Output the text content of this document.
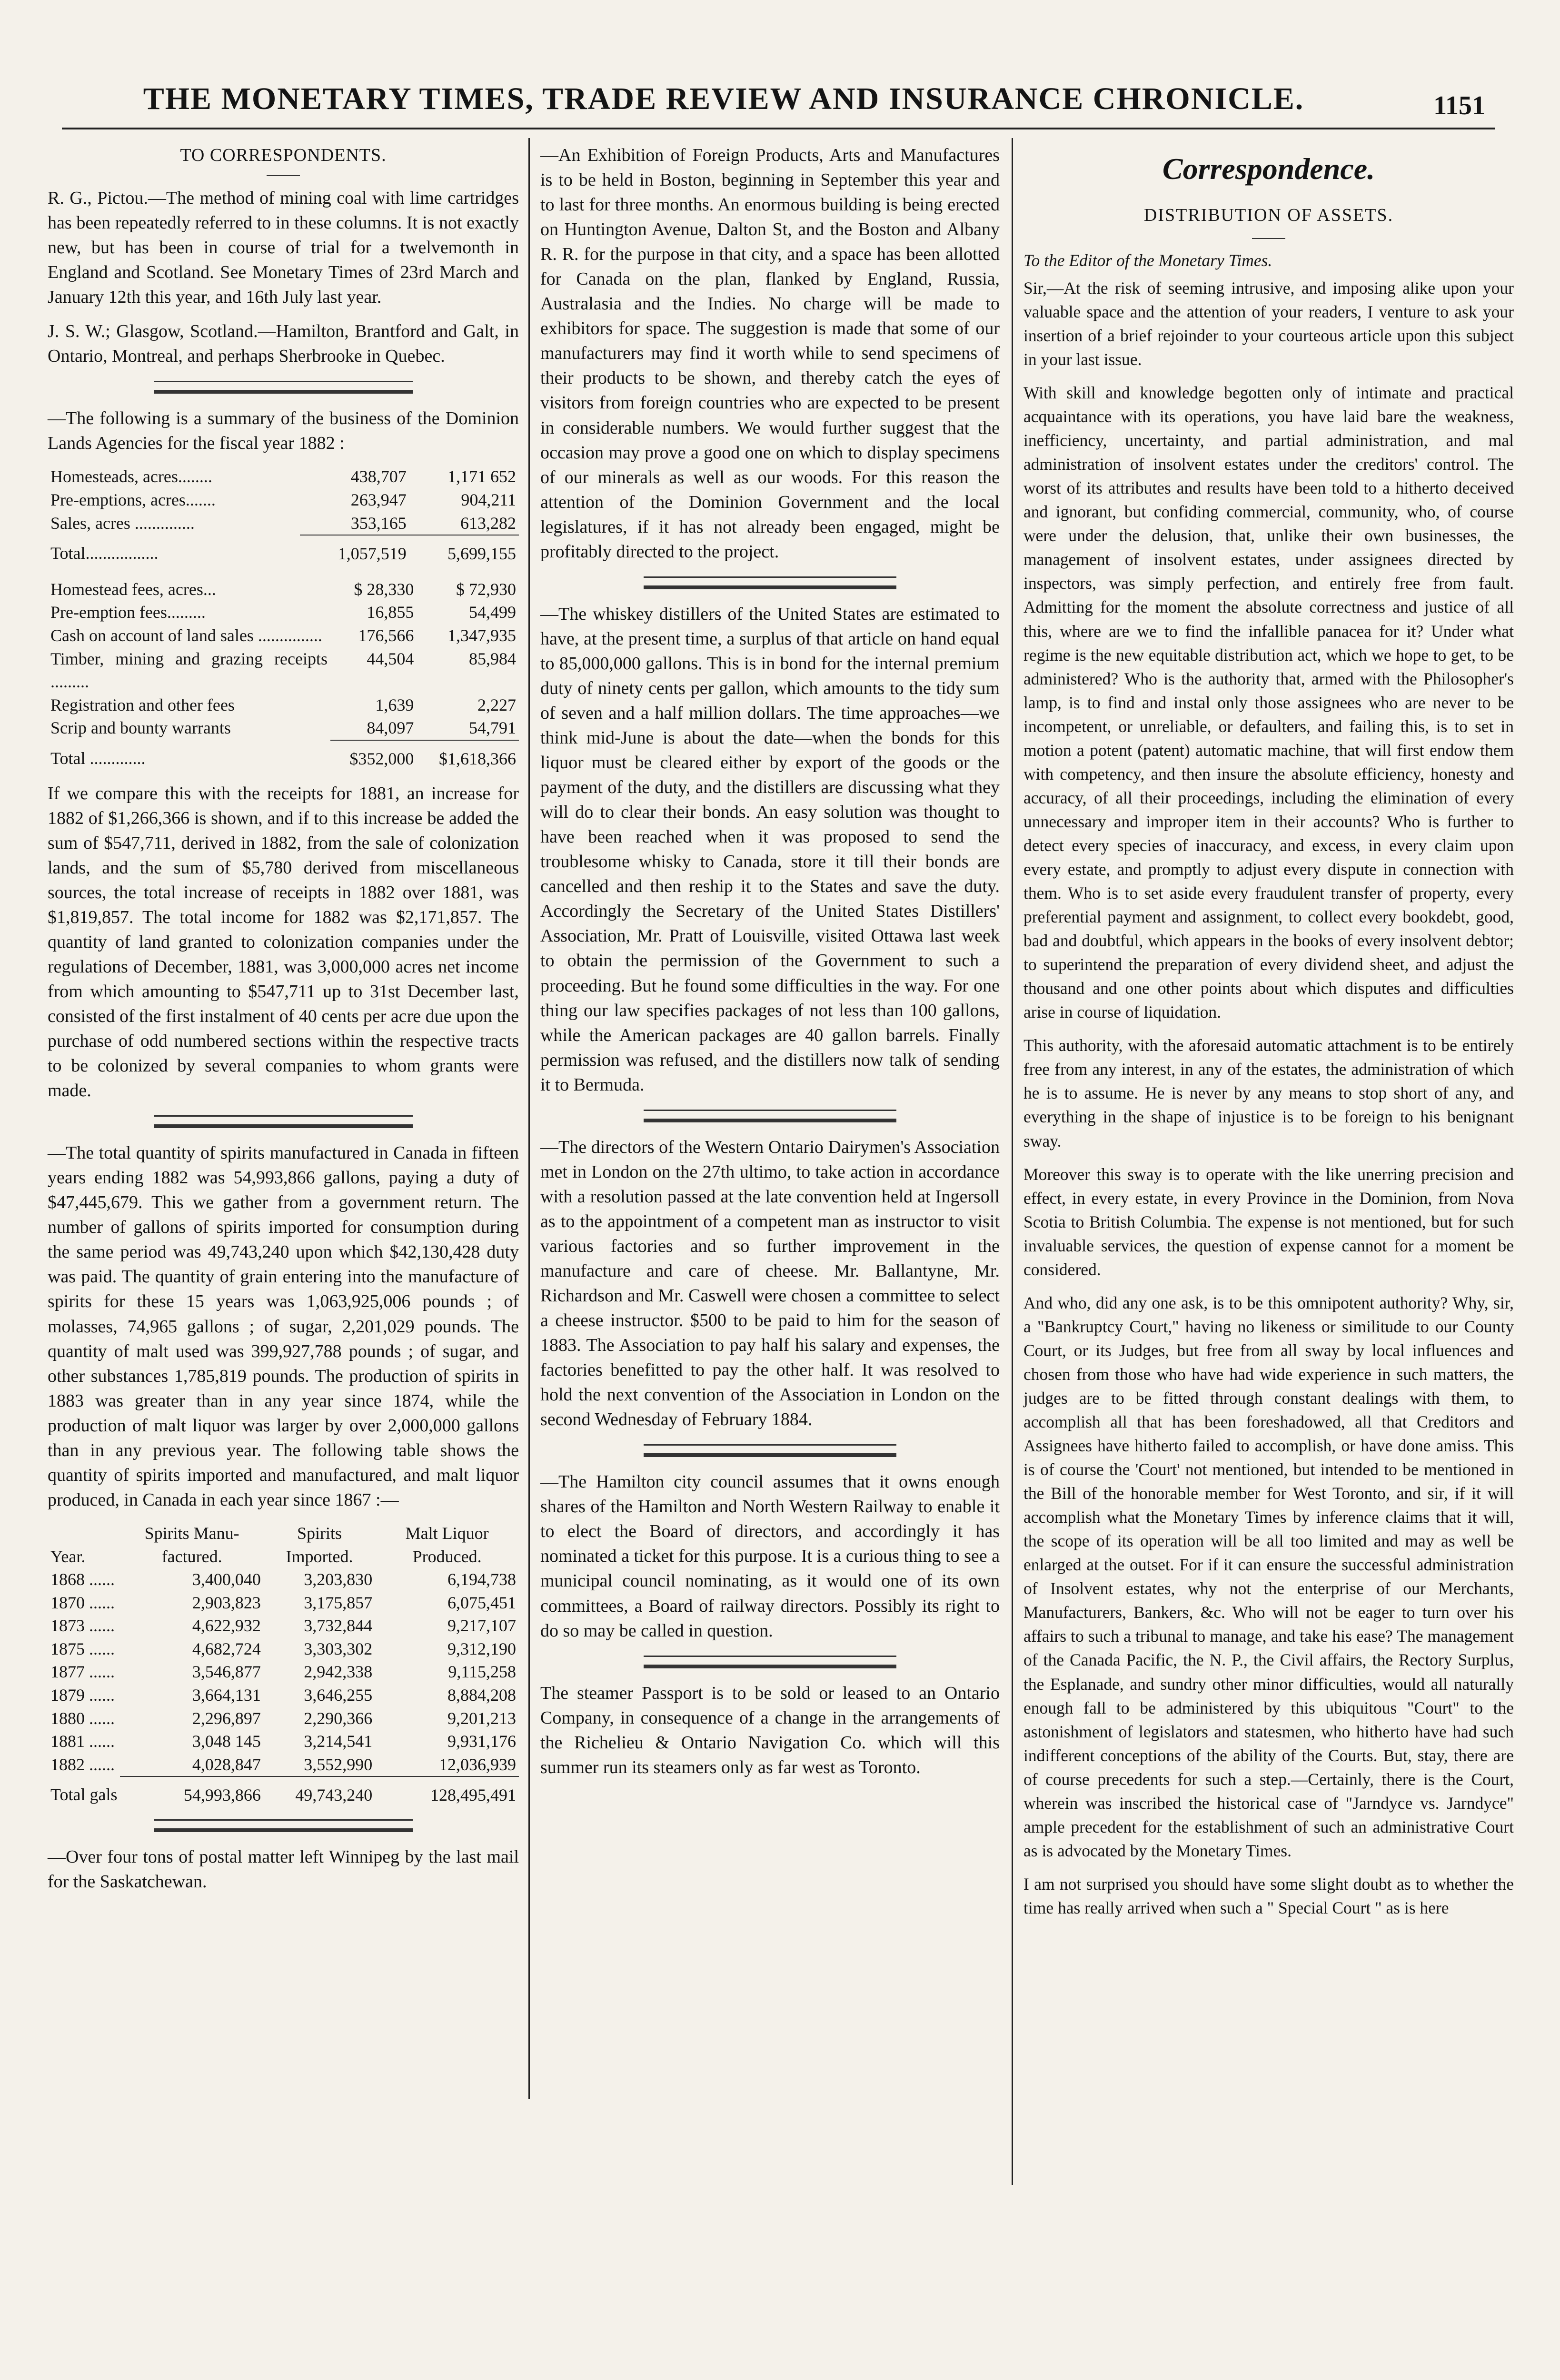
THE MONETARY TIMES, TRADE REVIEW AND INSURANCE CHRONICLE.	1151
TO CORRESPONDENTS.

R. G., Pictou.—The method of mining coal with lime cartridges has been repeatedly referred to in these columns. It is not exactly new, but has been in course of trial for a twelvemonth in England and Scotland. See Monetary Times of 23rd March and January 12th this year, and 16th July last year.

J. S. W.; Glasgow, Scotland.—Hamilton, Brantford and Galt, in Ontario, Montreal, and perhaps Sherbrooke in Quebec.

—The following is a summary of the business of the Dominion Lands Agencies for the fiscal year 1882 :

Homesteads, acres........	438,707	1,171 652
Pre-emptions, acres.......	263,947	904,211
Sales, acres ..............	353,165	613,282
Total.................	1,057,519	5,699,155
Homestead fees, acres...	$ 28,330	$ 72,930
Pre-emption fees.........	16,855	54,499
Cash on account of land sales ...............	176,566	1,347,935
Timber, mining and grazing receipts .........	44,504	85,984
Registration and other fees	1,639	2,227
Scrip and bounty warrants	84,097	54,791
Total .............	$352,000	$1,618,366

If we compare this with the receipts for 1881, an increase for 1882 of $1,266,366 is shown, and if to this increase be added the sum of $547,711, derived in 1882, from the sale of colonization lands, and the sum of $5,780 derived from miscellaneous sources, the total increase of receipts in 1882 over 1881, was $1,819,857. The total income for 1882 was $2,171,857. The quantity of land granted to colonization companies under the regulations of December, 1881, was 3,000,000 acres net income from which amounting to $547,711 up to 31st December last, consisted of the first instalment of 40 cents per acre due upon the purchase of odd numbered sections within the respective tracts to be colonized by several companies to whom grants were made.

—The total quantity of spirits manufactured in Canada in fifteen years ending 1882 was 54,993,866 gallons, paying a duty of $47,445,679. This we gather from a government return. The number of gallons of spirits imported for consumption during the same period was 49,743,240 upon which $42,130,428 duty was paid. The quantity of grain entering into the manufacture of spirits for these 15 years was 1,063,925,006 pounds ; of molasses, 74,965 gallons ; of sugar, 2,201,029 pounds. The quantity of malt used was 399,927,788 pounds ; of sugar, and other substances 1,785,819 pounds. The production of spirits in 1883 was greater than in any year since 1874, while the production of malt liquor was larger by over 2,000,000 gallons than in any previous year. The following table shows the quantity of spirits imported and manufactured, and malt liquor produced, in Canada in each year since 1867 :—

Year.	Spirits Manu- factured.	Spirits Imported.	Malt Liquor Produced.
1868 ......	3,400,040	3,203,830	6,194,738
1870 ......	2,903,823	3,175,857	6,075,451
1873 ......	4,622,932	3,732,844	9,217,107
1875 ......	4,682,724	3,303,302	9,312,190
1877 ......	3,546,877	2,942,338	9,115,258
1879 ......	3,664,131	3,646,255	8,884,208
1880 ......	2,296,897	2,290,366	9,201,213
1881 ......	3,048 145	3,214,541	9,931,176
1882 ......	4,028,847	3,552,990	12,036,939
Total gals	54,993,866	49,743,240	128,495,491

—Over four tons of postal matter left Winnipeg by the last mail for the Saskatchewan.

—An Exhibition of Foreign Products, Arts and Manufactures is to be held in Boston, beginning in September this year and to last for three months. An enormous building is being erected on Huntington Avenue, Dalton St, and the Boston and Albany R. R. for the purpose in that city, and a space has been allotted for Canada on the plan, flanked by England, Russia, Australasia and the Indies. No charge will be made to exhibitors for space. The suggestion is made that some of our manufacturers may find it worth while to send specimens of their products to be shown, and thereby catch the eyes of visitors from foreign countries who are expected to be present in considerable numbers. We would further suggest that the occasion may prove a good one on which to display specimens of our minerals as well as our woods. For this reason the attention of the Dominion Government and the local legislatures, if it has not already been engaged, might be profitably directed to the project.

—The whiskey distillers of the United States are estimated to have, at the present time, a surplus of that article on hand equal to 85,000,000 gallons. This is in bond for the internal premium duty of ninety cents per gallon, which amounts to the tidy sum of seven and a half million dollars. The time approaches—we think mid-June is about the date—when the bonds for this liquor must be cleared either by export of the goods or the payment of the duty, and the distillers are discussing what they will do to clear their bonds. An easy solution was thought to have been reached when it was proposed to send the troublesome whisky to Canada, store it till their bonds are cancelled and then reship it to the States and save the duty. Accordingly the Secretary of the United States Distillers' Association, Mr. Pratt of Louisville, visited Ottawa last week to obtain the permission of the Government to such a proceeding. But he found some difficulties in the way. For one thing our law specifies packages of not less than 100 gallons, while the American packages are 40 gallon barrels. Finally permission was refused, and the distillers now talk of sending it to Bermuda.

—The directors of the Western Ontario Dairymen's Association met in London on the 27th ultimo, to take action in accordance with a resolution passed at the late convention held at Ingersoll as to the appointment of a competent man as instructor to visit various factories and so further improvement in the manufacture and care of cheese. Mr. Ballantyne, Mr. Richardson and Mr. Caswell were chosen a committee to select a cheese instructor. $500 to be paid to him for the season of 1883. The Association to pay half his salary and expenses, the factories benefitted to pay the other half. It was resolved to hold the next convention of the Association in London on the second Wednesday of February 1884.

—The Hamilton city council assumes that it owns enough shares of the Hamilton and North Western Railway to enable it to elect the Board of directors, and accordingly it has nominated a ticket for this purpose. It is a curious thing to see a municipal council nominating, as it would one of its own committees, a Board of railway directors. Possibly its right to do so may be called in question.

The steamer Passport is to be sold or leased to an Ontario Company, in consequence of a change in the arrangements of the Richelieu & Ontario Navigation Co. which will this summer run its steamers only as far west as Toronto.

Correspondence.
DISTRIBUTION OF ASSETS.
To the Editor of the Monetary Times.

Sir,—At the risk of seeming intrusive, and imposing alike upon your valuable space and the attention of your readers, I venture to ask your insertion of a brief rejoinder to your courteous article upon this subject in your last issue.

With skill and knowledge begotten only of intimate and practical acquaintance with its operations, you have laid bare the weakness, inefficiency, uncertainty, and partial administration, and mal administration of insolvent estates under the creditors' control. The worst of its attributes and results have been told to a hitherto deceived and ignorant, but confiding commercial, community, who, of course were under the delusion, that, unlike their own businesses, the management of insolvent estates, under assignees directed by inspectors, was simply perfection, and entirely free from fault. Admitting for the moment the absolute correctness and justice of all this, where are we to find the infallible panacea for it? Under what regime is the new equitable distribution act, which we hope to get, to be administered? Who is the authority that, armed with the Philosopher's lamp, is to find and instal only those assignees who are never to be incompetent, or unreliable, or defaulters, and failing this, is to set in motion a potent (patent) automatic machine, that will first endow them with competency, and then insure the absolute efficiency, honesty and accuracy, of all their proceedings, including the elimination of every unnecessary and improper item in their accounts? Who is further to detect every species of inaccuracy, and excess, in every claim upon every estate, and promptly to adjust every dispute in connection with them. Who is to set aside every fraudulent transfer of property, every preferential payment and assignment, to collect every bookdebt, good, bad and doubtful, which appears in the books of every insolvent debtor; to superintend the preparation of every dividend sheet, and adjust the thousand and one other points about which disputes and difficulties arise in course of liquidation.

This authority, with the aforesaid automatic attachment is to be entirely free from any interest, in any of the estates, the administration of which he is to assume. He is never by any means to stop short of any, and everything in the shape of injustice is to be foreign to his benignant sway.

Moreover this sway is to operate with the like unerring precision and effect, in every estate, in every Province in the Dominion, from Nova Scotia to British Columbia. The expense is not mentioned, but for such invaluable services, the question of expense cannot for a moment be considered.

And who, did any one ask, is to be this omnipotent authority? Why, sir, a "Bankruptcy Court," having no likeness or similitude to our County Court, or its Judges, but free from all sway by local influences and chosen from those who have had wide experience in such matters, the judges are to be fitted through constant dealings with them, to accomplish all that has been foreshadowed, all that Creditors and Assignees have hitherto failed to accomplish, or have done amiss. This is of course the 'Court' not mentioned, but intended to be mentioned in the Bill of the honorable member for West Toronto, and sir, if it will accomplish what the Monetary Times by inference claims that it will, the scope of its operation will be all too limited and may as well be enlarged at the outset. For if it can ensure the successful administration of Insolvent estates, why not the enterprise of our Merchants, Manufacturers, Bankers, &c. Who will not be eager to turn over his affairs to such a tribunal to manage, and take his ease? The management of the Canada Pacific, the N. P., the Civil affairs, the Rectory Surplus, the Esplanade, and sundry other minor difficulties, would all naturally enough fall to be administered by this ubiquitous "Court" to the astonishment of legislators and statesmen, who hitherto have had such indifferent conceptions of the ability of the Courts. But, stay, there are of course precedents for such a step.—Certainly, there is the Court, wherein was inscribed the historical case of "Jarndyce vs. Jarndyce" ample precedent for the establishment of such an administrative Court as is advocated by the Monetary Times.

I am not surprised you should have some slight doubt as to whether the time has really arrived when such a " Special Court " as is here
